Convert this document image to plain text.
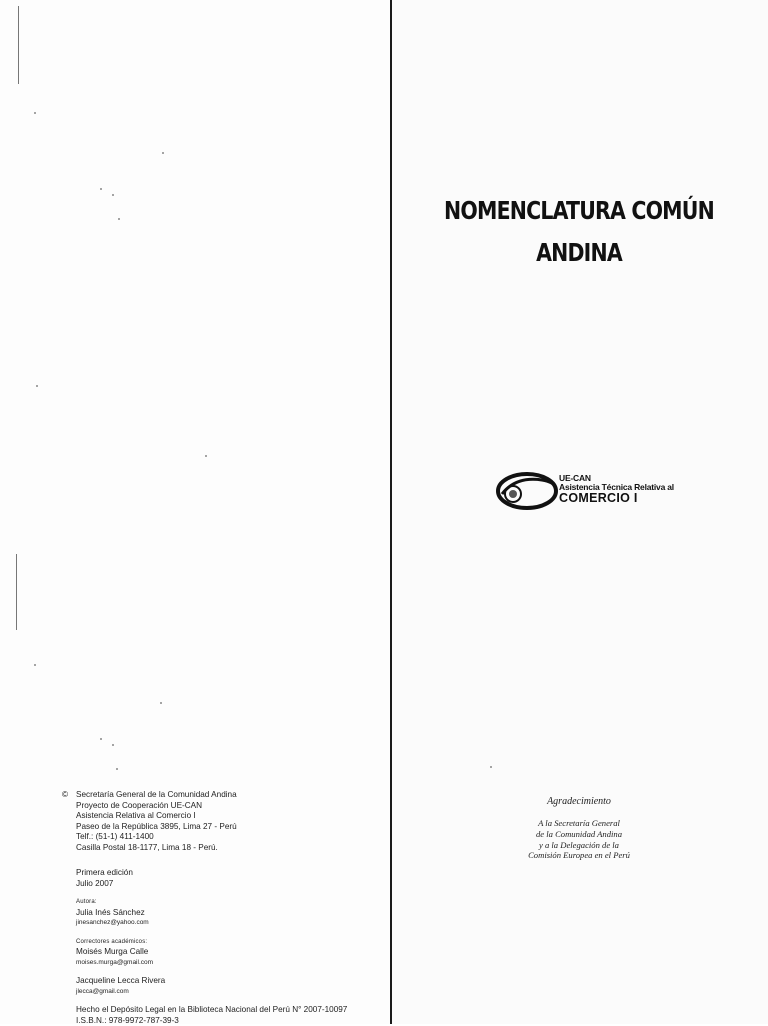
NOMENCLATURA COMÚN
ANDINA
UE-CAN
Asistencia Técnica Relativa al
COMERCIO I
© Secretaría General de la Comunidad Andina
Proyecto de Cooperación UE-CAN
Asistencia Relativa al Comercio I
Paseo de la República 3895, Lima 27 - Perú
Telf.: (51-1) 411-1400
Casilla Postal 18-1177, Lima 18 - Perú.
Primera edición
Julio 2007
Autora:
Julia Inés Sánchez
jinesanchez@yahoo.com
Correctores académicos:
Moisés Murga Calle
moises.murga@gmail.com
Jacqueline Lecca Rivera
jlecca@gmail.com
Hecho el Depósito Legal en la Biblioteca Nacional del Perú N° 2007-10097
I.S.B.N.: 978-9972-787-39-3
Agradecimiento
A la Secretaría General
de la Comunidad Andina
y a la Delegación de la
Comisión Europea en el Perú
